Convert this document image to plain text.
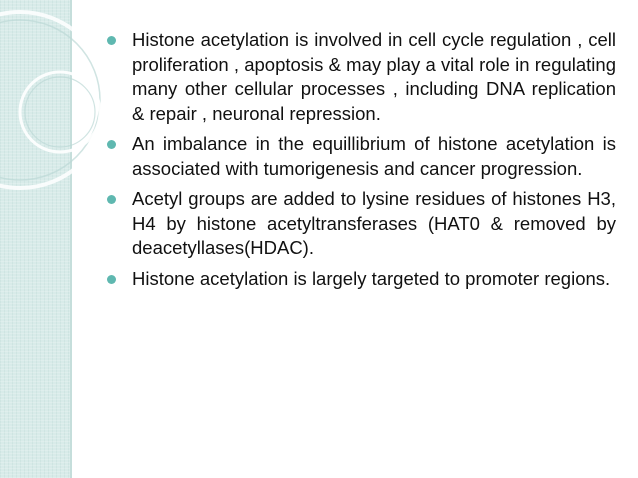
Histone acetylation is involved in cell cycle regulation , cell proliferation , apoptosis & may play a vital role in regulating many other cellular processes , including DNA replication & repair , neuronal repression.
An imbalance in the equillibrium of histone acetylation is associated with tumorigenesis and cancer progression.
Acetyl groups are added to lysine residues of histones H3, H4 by histone acetyltransferases (HAT0 & removed by deacetyllases(HDAC).
Histone acetylation is largely targeted to promoter regions.
